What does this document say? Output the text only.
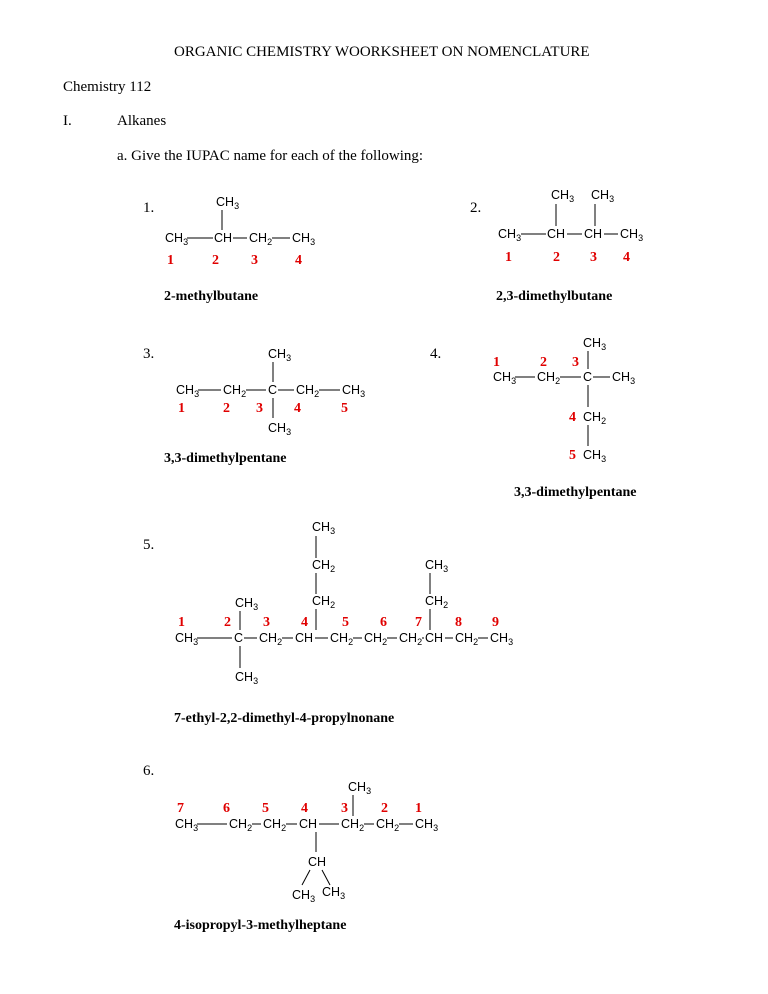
ORGANIC CHEMISTRY WOORKSHEET ON NOMENCLATURE
Chemistry 112
I.	Alkanes
a. Give the IUPAC name for each of the following:
1.	2.
3.	4.
5.
6.
2-methylbutane	2,3-dimethylbutane
3,3-dimethylpentane
3,3-dimethylpentane
7-ethyl-2,2-dimethyl-4-propylnonane
4-isopropyl-3-methylheptane
$CH_3$ CH $CH_2$ $CH_3$
$CH_3$
1	2 3	4
$CH_3$ CH CH $CH_3$
$CH_3$ $CH_3$
1	2 3 4
$CH_3$ $CH_2$ C $CH_2$ $CH_3$
$CH_3$
$CH_3$
1	2 3 4	5
$CH_3$ $CH_2$ C $CH_3$
$CH_3$
$CH_2$
$CH_3$
1	2 3
4
5
$CH_3$	C $CH_2$ CH $CH_2$ $CH_2$ $CH_2$ CH $CH_2$ $CH_3$
$CH_3$
$CH_3$
$CH_2$
$CH_2$
$CH_3$
$CH_2$
$CH_3$
1	2 3 4 5 6 7 8 9
$CH_3$ $CH_2$ $CH_2$ CH $CH_2$ $CH_2$ $CH_3$
$CH_3$
CH
$CH_3$ $CH_3$
7	6 5 4 3 2 1
